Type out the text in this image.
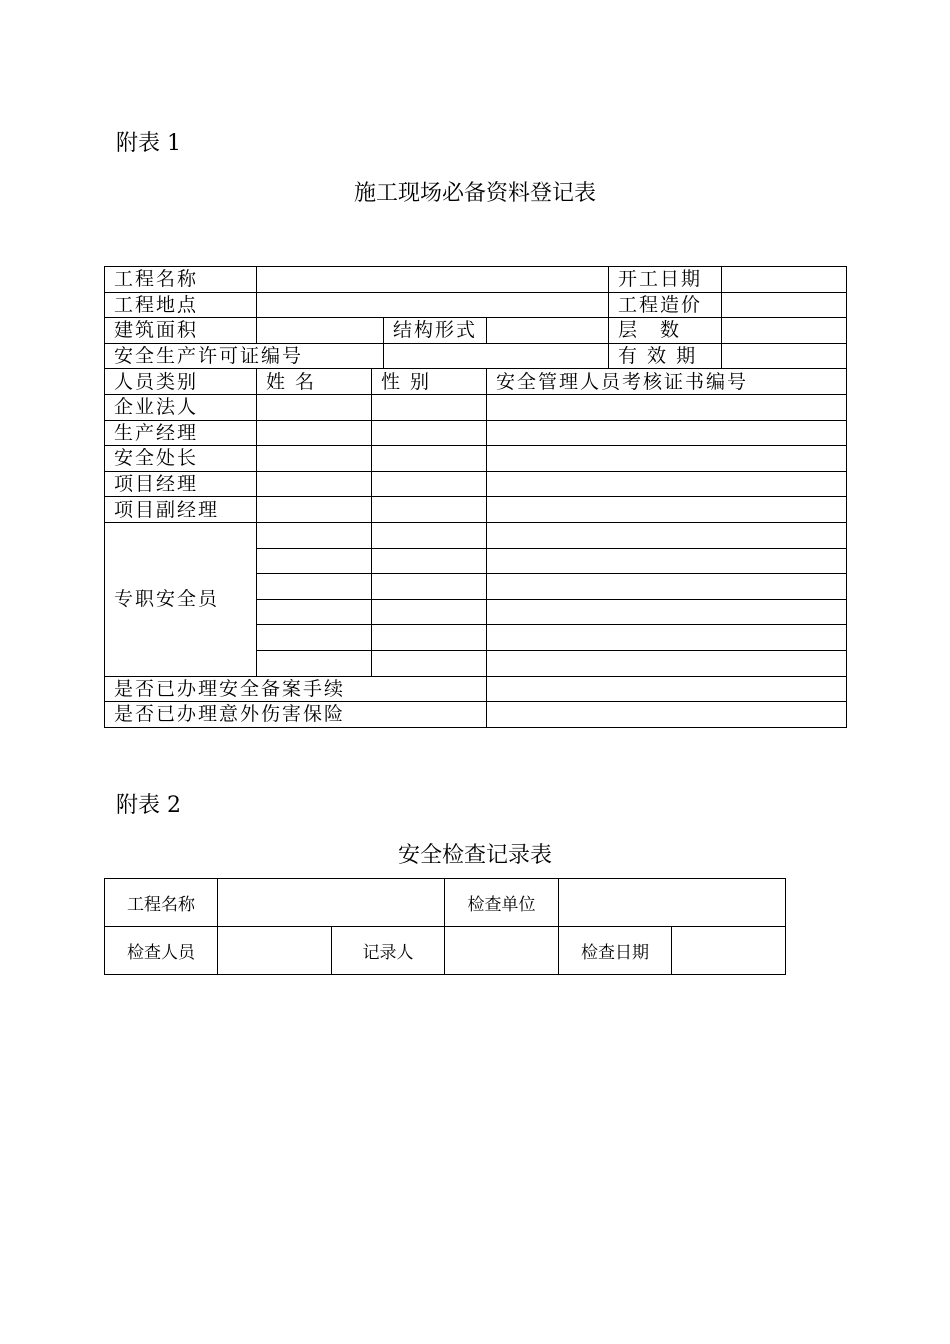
附表 1
施工现场必备资料登记表
工程名称					开工日期	
工程地点					工程造价	
建筑面积			结构形式		层　数	
安全生产许可证编号					有 效 期	
人员类别	姓 名	性 别		安全管理人员考核证书编号		
企业法人						
生产经理						
安全处长						
项目经理						
项目副经理						
专职安全员						

是否已办理安全备案手续						
是否已办理意外伤害保险						
附表 2
安全检查记录表
工程名称			检查单位		
检查人员		记录人		检查日期	
